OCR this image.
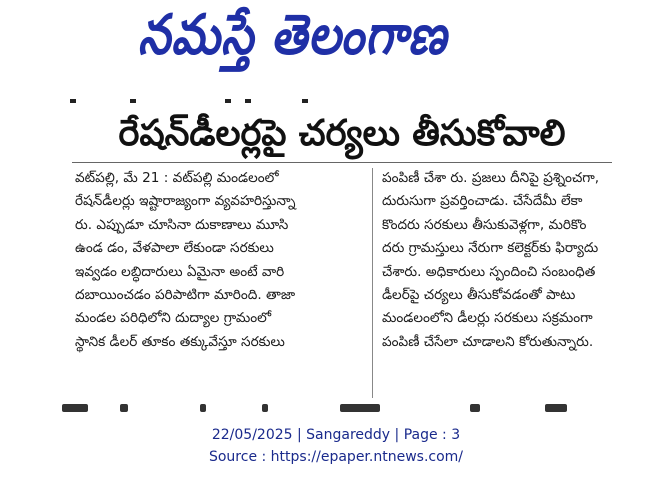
నమస్తే తెలంగాణ
రేషన్‌డీలర్లపై చర్యలు తీసుకోవాలి
వట్‌పల్లి, మే 21 : వట్‌పల్లి మండలంలో
రేషన్‌డీలర్లు ఇష్టారాజ్యంగా వ్యవహరిస్తున్నా
రు. ఎప్పుడూ చూసినా దుకాణాలు మూసి
ఉండ డం, వేళపాలా లేకుండా సరకులు
ఇవ్వడం లబ్ధిదారులు ఏమైనా అంటే వారి
దబాయించడం పరిపాటిగా మారింది. తాజా
మండల పరిధిలోని దుద్యాల గ్రామంలో
స్థానిక డీలర్ తూకం తక్కువేస్తూ సరకులు
పంపిణీ చేశా రు. ప్రజలు దీనిపై ప్రశ్నించగా,
దురుసుగా ప్రవర్తించాడు. చేసేదేమీ లేకా
కొందరు సరకులు తీసుకువెళ్లగా, మరికొం
దరు గ్రామస్తులు నేరుగా కలెక్టర్‌కు ఫిర్యాదు
చేశారు. అధికారులు స్పందించి సంబంధిత
డీలర్‌పై చర్యలు తీసుకోవడంతో పాటు
మండలంలోని డీలర్లు సరకులు సక్రమంగా
పంపిణీ చేసేలా చూడాలని కోరుతున్నారు.
22/05/2025 | Sangareddy | Page : 3
Source : https://epaper.ntnews.com/
